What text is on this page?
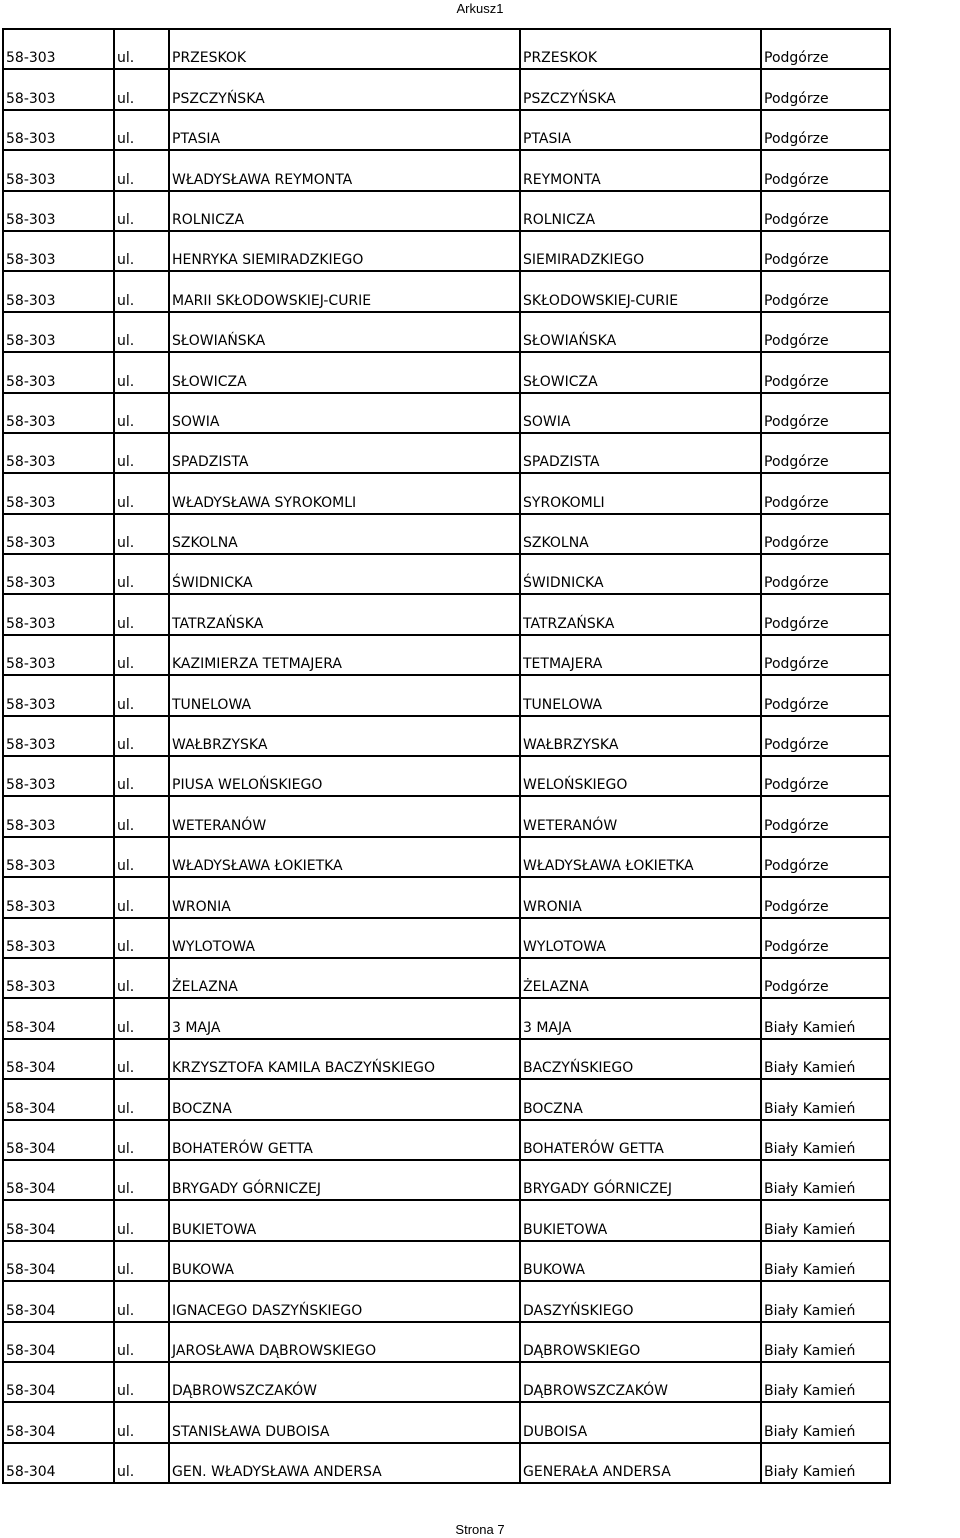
Arkusz1
58-303	ul.	PRZESKOK	PRZESKOK	Podgórze
58-303	ul.	PSZCZYŃSKA	PSZCZYŃSKA	Podgórze
58-303	ul.	PTASIA	PTASIA	Podgórze
58-303	ul.	WŁADYSŁAWA REYMONTA	REYMONTA	Podgórze
58-303	ul.	ROLNICZA	ROLNICZA	Podgórze
58-303	ul.	HENRYKA SIEMIRADZKIEGO	SIEMIRADZKIEGO	Podgórze
58-303	ul.	MARII SKŁODOWSKIEJ-CURIE	SKŁODOWSKIEJ-CURIE	Podgórze
58-303	ul.	SŁOWIAŃSKA	SŁOWIAŃSKA	Podgórze
58-303	ul.	SŁOWICZA	SŁOWICZA	Podgórze
58-303	ul.	SOWIA	SOWIA	Podgórze
58-303	ul.	SPADZISTA	SPADZISTA	Podgórze
58-303	ul.	WŁADYSŁAWA SYROKOMLI	SYROKOMLI	Podgórze
58-303	ul.	SZKOLNA	SZKOLNA	Podgórze
58-303	ul.	ŚWIDNICKA	ŚWIDNICKA	Podgórze
58-303	ul.	TATRZAŃSKA	TATRZAŃSKA	Podgórze
58-303	ul.	KAZIMIERZA TETMAJERA	TETMAJERA	Podgórze
58-303	ul.	TUNELOWA	TUNELOWA	Podgórze
58-303	ul.	WAŁBRZYSKA	WAŁBRZYSKA	Podgórze
58-303	ul.	PIUSA WELOŃSKIEGO	WELOŃSKIEGO	Podgórze
58-303	ul.	WETERANÓW	WETERANÓW	Podgórze
58-303	ul.	WŁADYSŁAWA ŁOKIETKA	WŁADYSŁAWA ŁOKIETKA	Podgórze
58-303	ul.	WRONIA	WRONIA	Podgórze
58-303	ul.	WYLOTOWA	WYLOTOWA	Podgórze
58-303	ul.	ŻELAZNA	ŻELAZNA	Podgórze
58-304	ul.	3 MAJA	3 MAJA	Biały Kamień
58-304	ul.	KRZYSZTOFA KAMILA BACZYŃSKIEGO	BACZYŃSKIEGO	Biały Kamień
58-304	ul.	BOCZNA	BOCZNA	Biały Kamień
58-304	ul.	BOHATERÓW GETTA	BOHATERÓW GETTA	Biały Kamień
58-304	ul.	BRYGADY GÓRNICZEJ	BRYGADY GÓRNICZEJ	Biały Kamień
58-304	ul.	BUKIETOWA	BUKIETOWA	Biały Kamień
58-304	ul.	BUKOWA	BUKOWA	Biały Kamień
58-304	ul.	IGNACEGO DASZYŃSKIEGO	DASZYŃSKIEGO	Biały Kamień
58-304	ul.	JAROSŁAWA DĄBROWSKIEGO	DĄBROWSKIEGO	Biały Kamień
58-304	ul.	DĄBROWSZCZAKÓW	DĄBROWSZCZAKÓW	Biały Kamień
58-304	ul.	STANISŁAWA DUBOISA	DUBOISA	Biały Kamień
58-304	ul.	GEN. WŁADYSŁAWA ANDERSA	GENERAŁA ANDERSA	Biały Kamień
Strona 7
